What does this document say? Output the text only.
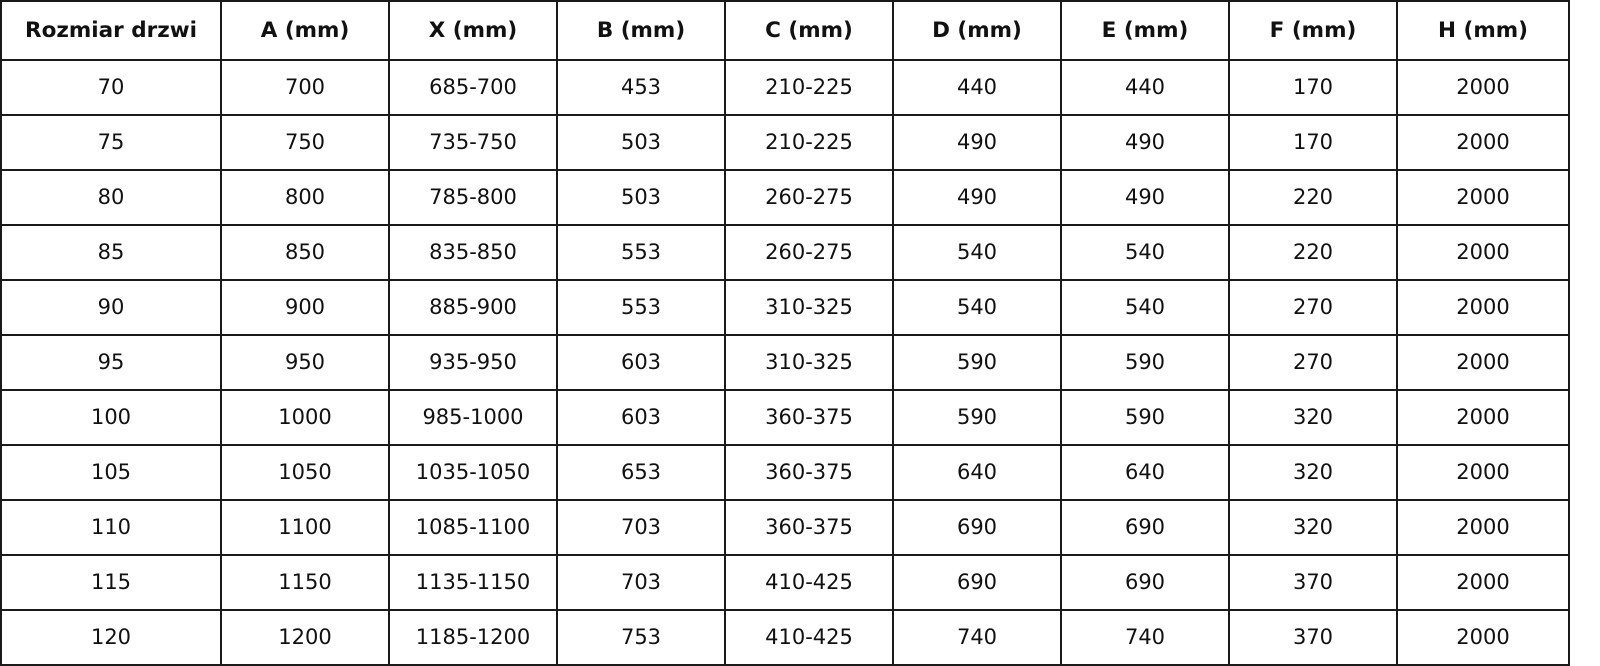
Rozmiar drzwi	A (mm)	X (mm)	B (mm)	C (mm)	D (mm)	E (mm)	F (mm)	H (mm)
70	700	685-700	453	210-225	440	440	170	2000
75	750	735-750	503	210-225	490	490	170	2000
80	800	785-800	503	260-275	490	490	220	2000
85	850	835-850	553	260-275	540	540	220	2000
90	900	885-900	553	310-325	540	540	270	2000
95	950	935-950	603	310-325	590	590	270	2000
100	1000	985-1000	603	360-375	590	590	320	2000
105	1050	1035-1050	653	360-375	640	640	320	2000
110	1100	1085-1100	703	360-375	690	690	320	2000
115	1150	1135-1150	703	410-425	690	690	370	2000
120	1200	1185-1200	753	410-425	740	740	370	2000
